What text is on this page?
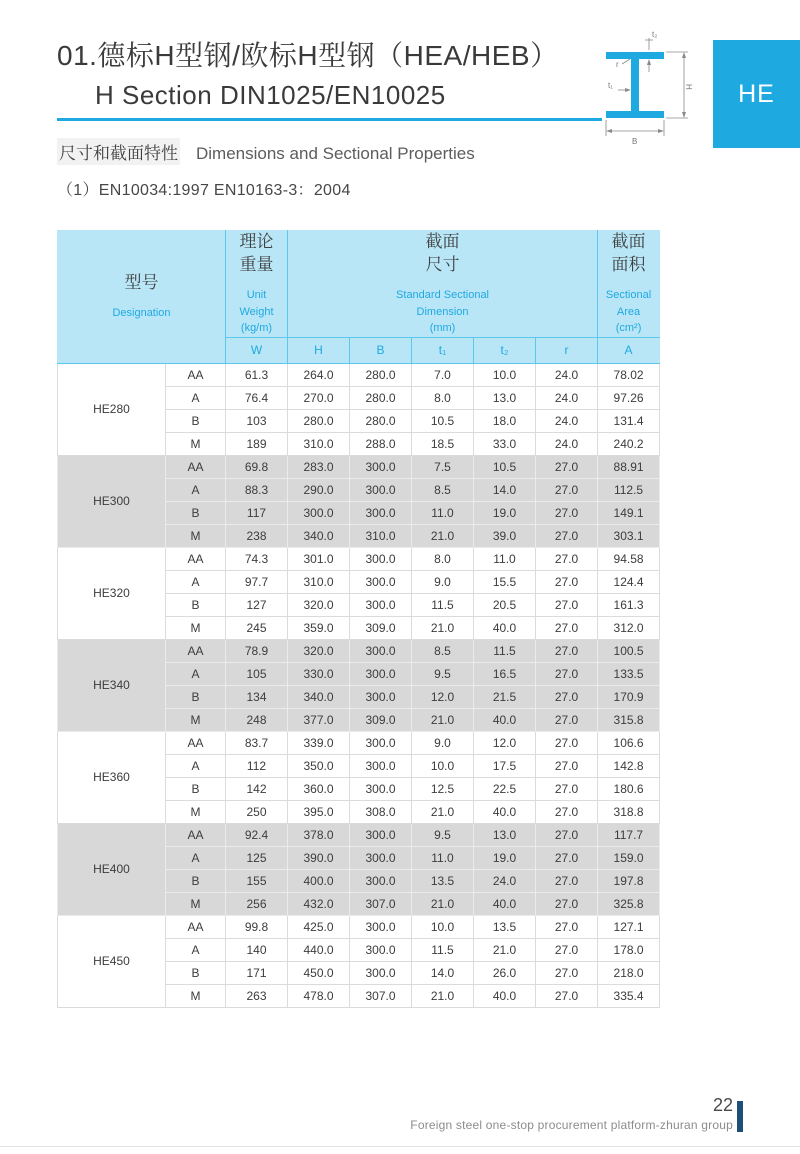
01.德标H型钢/欧标H型钢（HEA/HEB）
H Section DIN1025/EN10025
t₂
r
H
t₁
B
HE
尺寸和截面特性 Dimensions and Sectional Properties
（1）EN10034:1997 EN10163-3：2004
型号
Designation		理论 重量
Unit
Weight
(kg/m)	截面 尺寸
Standard Sectional
Dimension
(mm)					截面 面积
Sectional
Area
(cm²)

		W	H	B	t₁	t₂	r	A
HE280	AA	61.3	264.0	280.0	7.0	10.0	24.0	78.02
	A	76.4	270.0	280.0	8.0	13.0	24.0	97.26
	B	103	280.0	280.0	10.5	18.0	24.0	131.4
	M	189	310.0	288.0	18.5	33.0	24.0	240.2
HE300	AA	69.8	283.0	300.0	7.5	10.5	27.0	88.91
	A	88.3	290.0	300.0	8.5	14.0	27.0	112.5
	B	117	300.0	300.0	11.0	19.0	27.0	149.1
	M	238	340.0	310.0	21.0	39.0	27.0	303.1
HE320	AA	74.3	301.0	300.0	8.0	11.0	27.0	94.58
	A	97.7	310.0	300.0	9.0	15.5	27.0	124.4
	B	127	320.0	300.0	11.5	20.5	27.0	161.3
	M	245	359.0	309.0	21.0	40.0	27.0	312.0
HE340	AA	78.9	320.0	300.0	8.5	11.5	27.0	100.5
	A	105	330.0	300.0	9.5	16.5	27.0	133.5
	B	134	340.0	300.0	12.0	21.5	27.0	170.9
	M	248	377.0	309.0	21.0	40.0	27.0	315.8
HE360	AA	83.7	339.0	300.0	9.0	12.0	27.0	106.6
	A	112	350.0	300.0	10.0	17.5	27.0	142.8
	B	142	360.0	300.0	12.5	22.5	27.0	180.6
	M	250	395.0	308.0	21.0	40.0	27.0	318.8
HE400	AA	92.4	378.0	300.0	9.5	13.0	27.0	117.7
	A	125	390.0	300.0	11.0	19.0	27.0	159.0
	B	155	400.0	300.0	13.5	24.0	27.0	197.8
	M	256	432.0	307.0	21.0	40.0	27.0	325.8
HE450	AA	99.8	425.0	300.0	10.0	13.5	27.0	127.1
	A	140	440.0	300.0	11.5	21.0	27.0	178.0
	B	171	450.0	300.0	14.0	26.0	27.0	218.0
	M	263	478.0	307.0	21.0	40.0	27.0	335.4
22
Foreign steel one-stop procurement platform-zhuran group
